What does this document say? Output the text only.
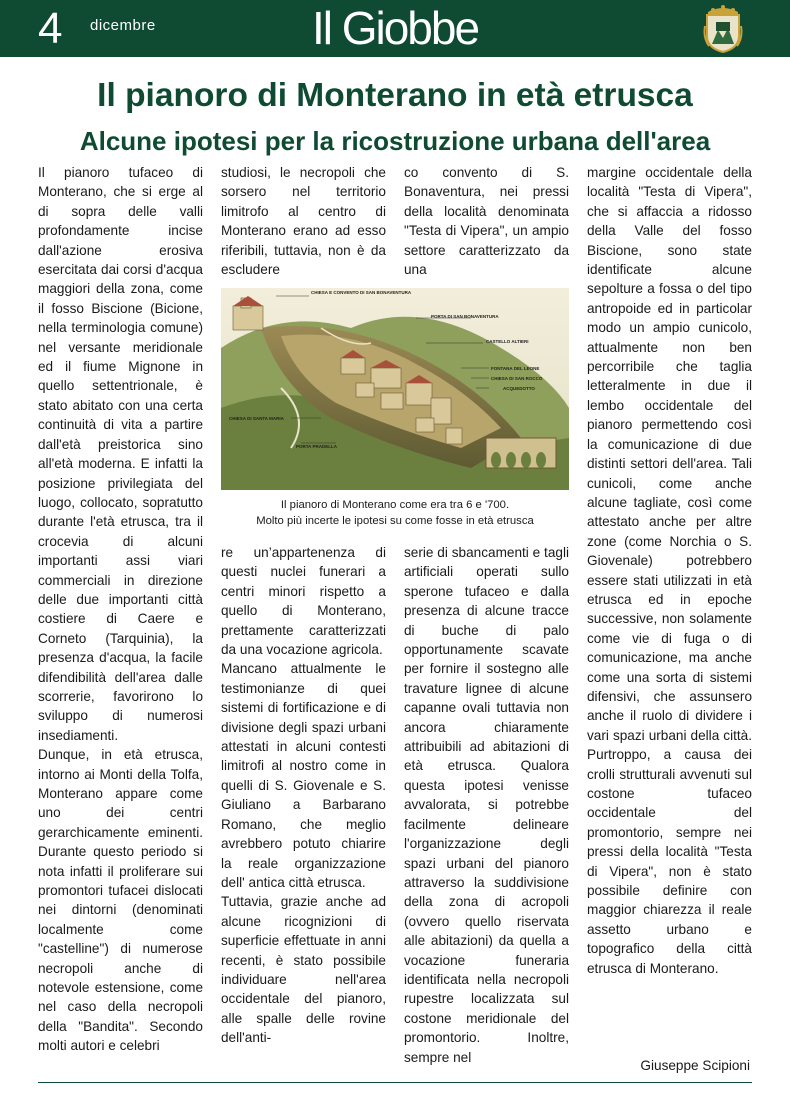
4 dicembre	Il Giobbe
Il pianoro di Monterano in età etrusca
Alcune ipotesi per la ricostruzione urbana dell'area

Il pianoro tufaceo di Monterano, che si erge al di sopra delle valli profondamente incise dall'azione erosiva esercitata dai corsi d'acqua maggiori della zona, come il fosso Biscione (Bicione, nella terminologia comune) nel versante meridionale ed il fiume Mignone in quello settentrionale, è stato abitato con una certa continuità di vita a partire dall'età preistorica sino all'età moderna. E infatti la posizione privilegiata del luogo, collocato, sopratutto durante l'età etrusca, tra il crocevia di alcuni importanti assi viari commerciali in direzione delle due importanti città costiere di Caere e Corneto (Tarquinia), la presenza d'acqua, la facile difendibilità dell'area dalle scorrerie, favorirono lo sviluppo di numerosi insediamenti.

Dunque, in età etrusca, intorno ai Monti della Tolfa, Monterano appare come uno dei centri gerarchicamente eminenti. Durante questo periodo si nota infatti il proliferare sui promontori tufacei dislocati nei dintorni (denominati localmente come "castelline") di numerose necropoli anche di notevole estensione, come nel caso della necropoli della "Bandita". Secondo molti autori e celebri

studiosi, le necropoli che sorsero nel territorio limitrofo al centro di Monterano erano ad esso riferibili, tuttavia, non è da escludere

co convento di S. Bonaventura, nei pressi della località denominata "Testa di Vipera", un ampio settore caratterizzato da una

CHIESA E CONVENTO DI SAN BONAVENTURA
PORTA DI SAN BONAVENTURA
CASTELLO ALTIERI
FONTANA DEL LEONE
CHIESA DI SAN ROCCO
ACQUEDOTTO
CHIESA DI SANTA MARIA
PORTA PRADELLA
Il pianoro di Monterano come era tra 6 e '700.
Molto più incerte le ipotesi su come fosse in età etrusca

re un’appartenenza di questi nuclei funerari a centri minori rispetto a quello di Monterano, prettamente caratterizzati da una vocazione agricola.

Mancano attualmente le testimonianze di quei sistemi di fortificazione e di divisione degli spazi urbani attestati in alcuni contesti limitrofi al nostro come in quelli di S. Giovenale e S. Giuliano a Barbarano Romano, che meglio avrebbero potuto chiarire la reale organizzazione dell' antica città etrusca.

Tuttavia, grazie anche ad alcune ricognizioni di superficie effettuate in anni recenti, è stato possibile individuare nell'area occidentale del pianoro, alle spalle delle rovine dell'anti-

serie di sbancamenti e tagli artificiali operati sullo sperone tufaceo e dalla presenza di alcune tracce di buche di palo opportunamente scavate per fornire il sostegno alle travature lignee di alcune capanne ovali tuttavia non ancora chiaramente attribuibili ad abitazioni di età etrusca. Qualora questa ipotesi venisse avvalorata, si potrebbe facilmente delineare l'organizzazione degli spazi urbani del pianoro attraverso la suddivisione della zona di acropoli (ovvero quello riservata alle abitazioni) da quella a vocazione funeraria identificata nella necropoli rupestre localizzata sul costone meridionale del promontorio. Inoltre, sempre nel

margine occidentale della località "Testa di Vipera", che si affaccia a ridosso della Valle del fosso Biscione, sono state identificate alcune sepolture a fossa o del tipo antropoide ed in particolar modo un ampio cunicolo, attualmente non ben percorribile che taglia letteralmente in due il lembo occidentale del pianoro permettendo così la comunicazione di due distinti settori dell'area. Tali cunicoli, come anche alcune tagliate, così come attestato anche per altre zone (come Norchia o S. Giovenale) potrebbero essere stati utilizzati in età etrusca ed in epoche successive, non solamente come vie di fuga o di comunicazione, ma anche come una sorta di sistemi difensivi, che assunsero anche il ruolo di dividere i vari spazi urbani della città. Purtroppo, a causa dei crolli strutturali avvenuti sul costone tufaceo occidentale del promontorio, sempre nei pressi della località "Testa di Vipera", non è stato possibile definire con maggior chiarezza il reale assetto urbano e topografico della città etrusca di Monterano.

Giuseppe Scipioni
